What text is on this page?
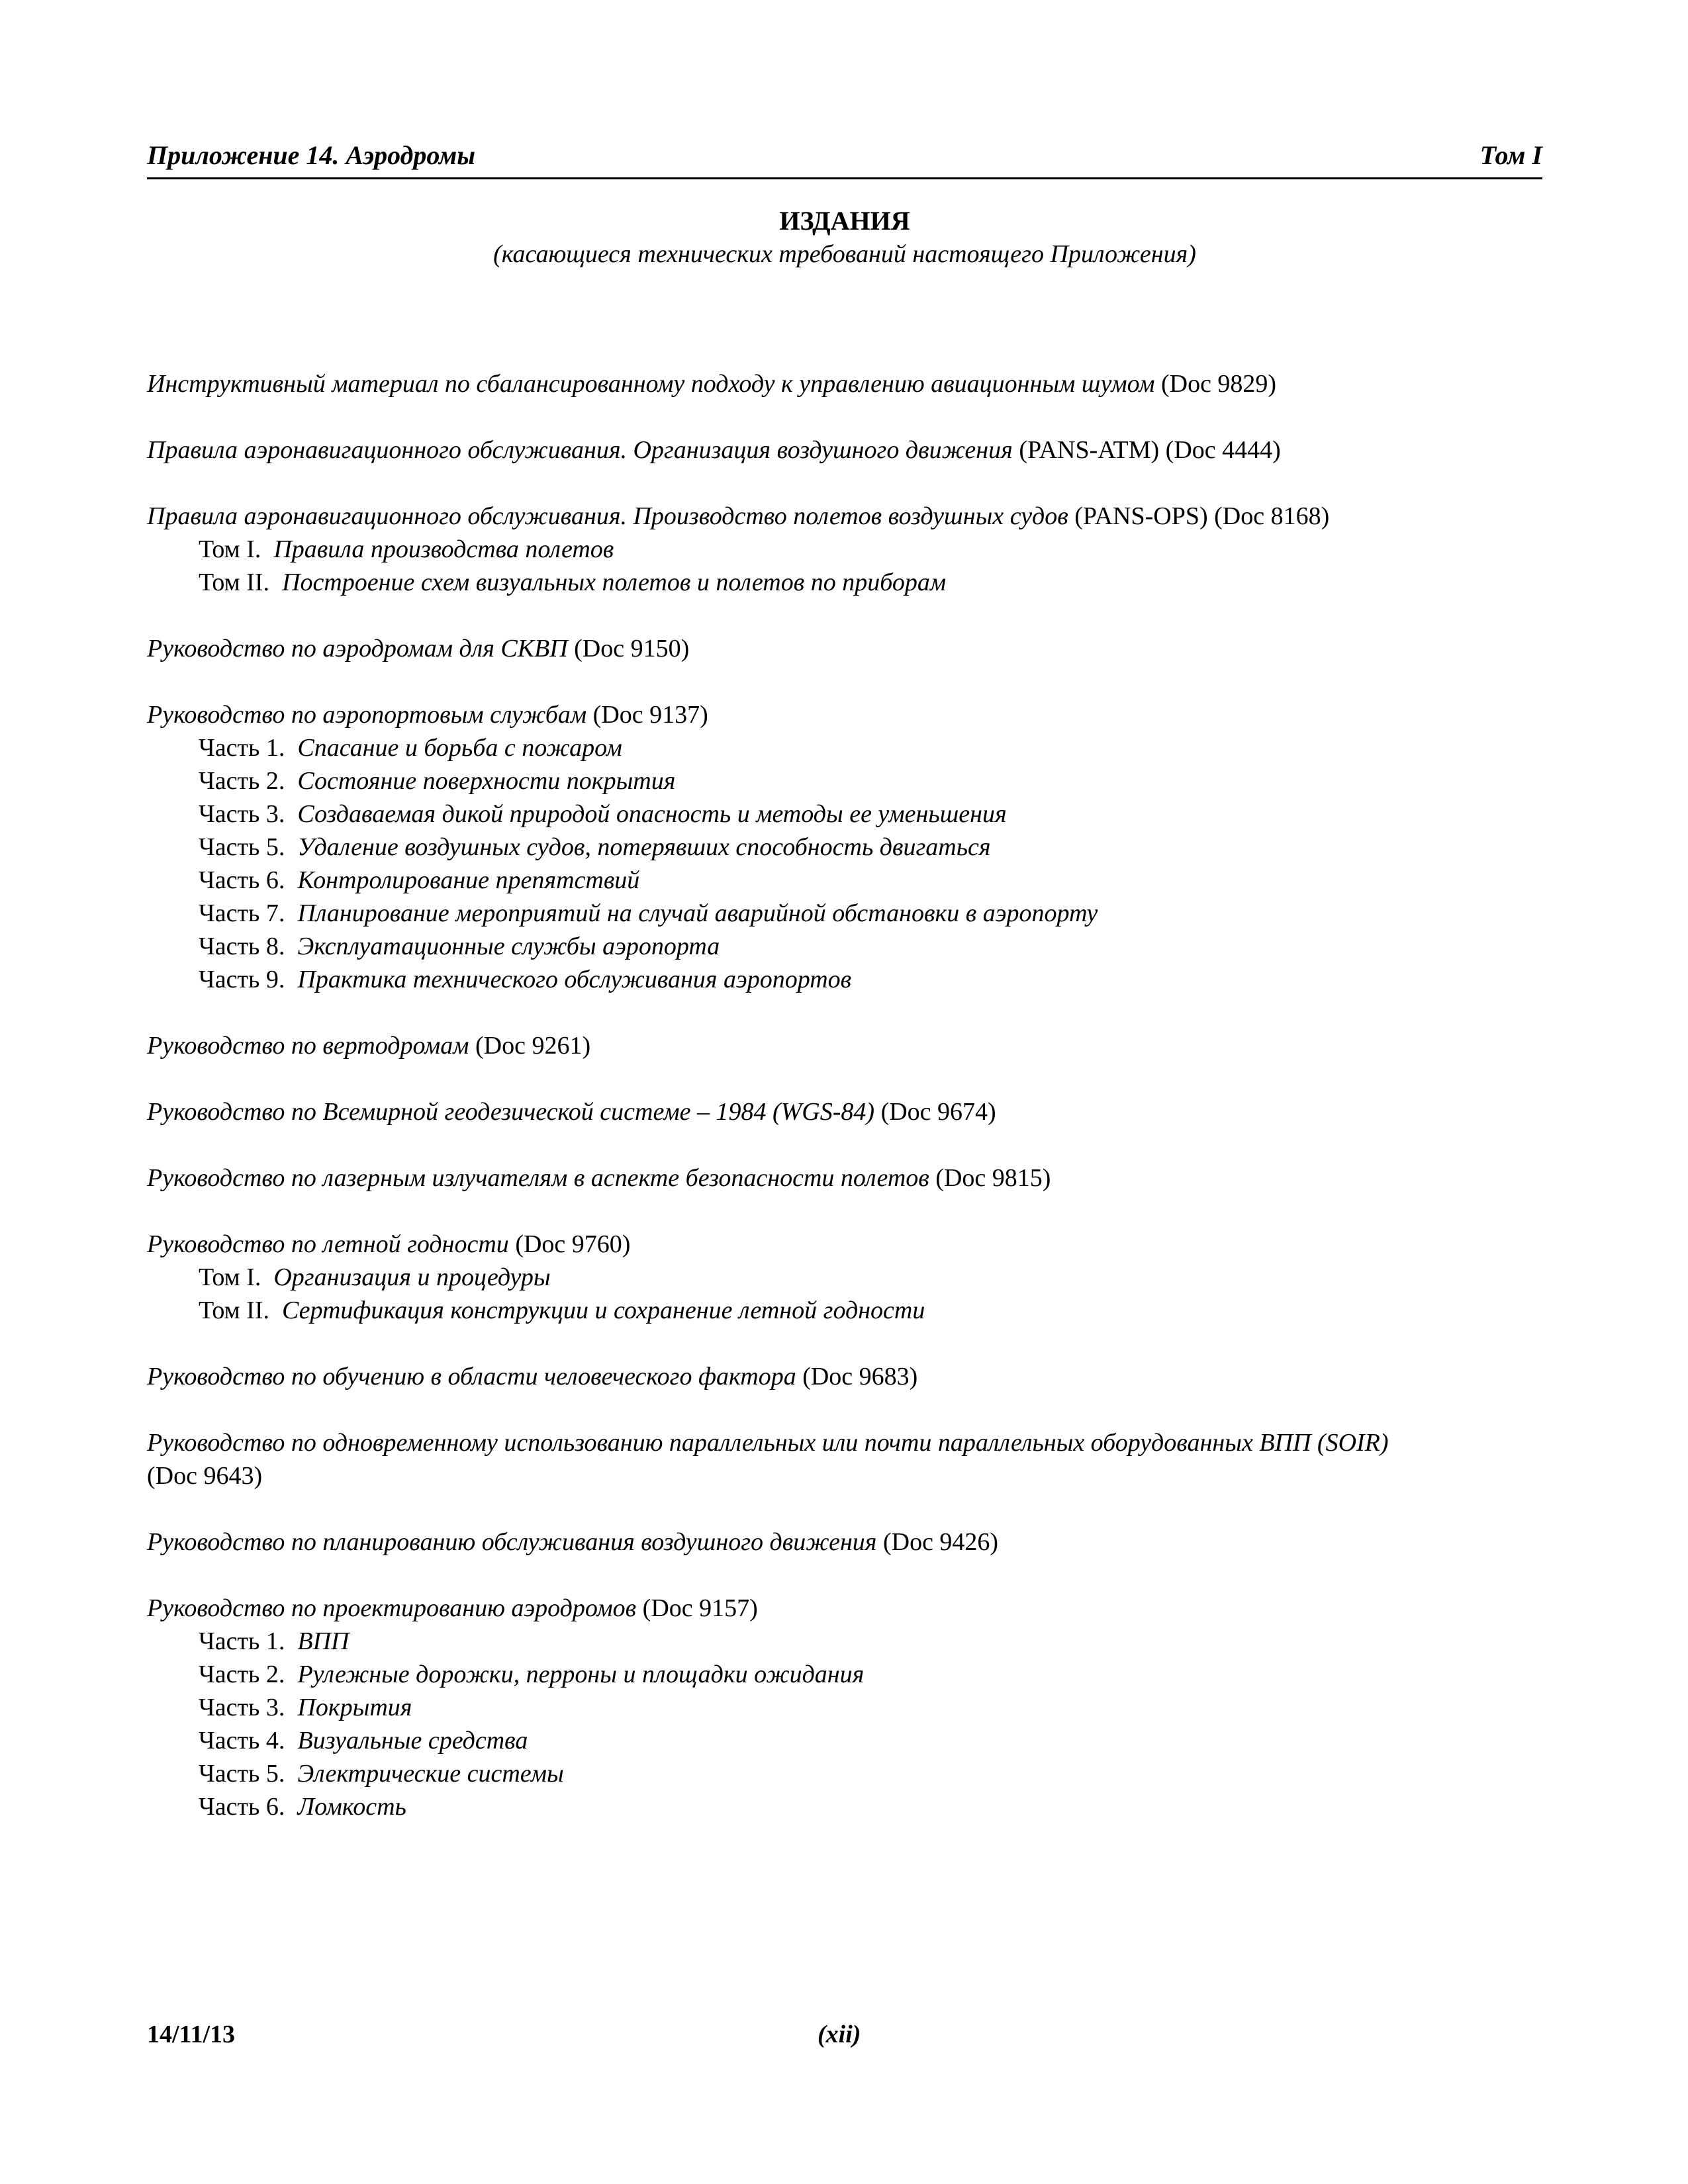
Приложение 14. Аэродромы	Том I
ИЗДАНИЯ
(касающиеся технических требований настоящего Приложения)
Инструктивный материал по сбалансированному подходу к управлению авиационным шумом (Doc 9829)
Правила аэронавигационного обслуживания. Организация воздушного движения (PANS-ATM) (Doc 4444)
Правила аэронавигационного обслуживания. Производство полетов воздушных судов (PANS-OPS) (Doc 8168)
Том I. Правила производства полетов
Том II. Построение схем визуальных полетов и полетов по приборам
Руководство по аэродромам для СКВП (Doc 9150)
Руководство по аэропортовым службам (Doc 9137)
Часть 1. Спасание и борьба с пожаром
Часть 2. Состояние поверхности покрытия
Часть 3. Создаваемая дикой природой опасность и методы ее уменьшения
Часть 5. Удаление воздушных судов, потерявших способность двигаться
Часть 6. Контролирование препятствий
Часть 7. Планирование мероприятий на случай аварийной обстановки в аэропорту
Часть 8. Эксплуатационные службы аэропорта
Часть 9. Практика технического обслуживания аэропортов
Руководство по вертодромам (Doc 9261)
Руководство по Всемирной геодезической системе – 1984 (WGS-84) (Doc 9674)
Руководство по лазерным излучателям в аспекте безопасности полетов (Doc 9815)
Руководство по летной годности (Doc 9760)
Том I. Организация и процедуры
Том II. Сертификация конструкции и сохранение летной годности
Руководство по обучению в области человеческого фактора (Doc 9683)
Руководство по одновременному использованию параллельных или почти параллельных оборудованных ВПП (SOIR)
(Doc 9643)
Руководство по планированию обслуживания воздушного движения (Doc 9426)
Руководство по проектированию аэродромов (Doc 9157)
Часть 1. ВПП
Часть 2. Рулежные дорожки, перроны и площадки ожидания
Часть 3. Покрытия
Часть 4. Визуальные средства
Часть 5. Электрические системы
Часть 6. Ломкость
14/11/13	(xii)
